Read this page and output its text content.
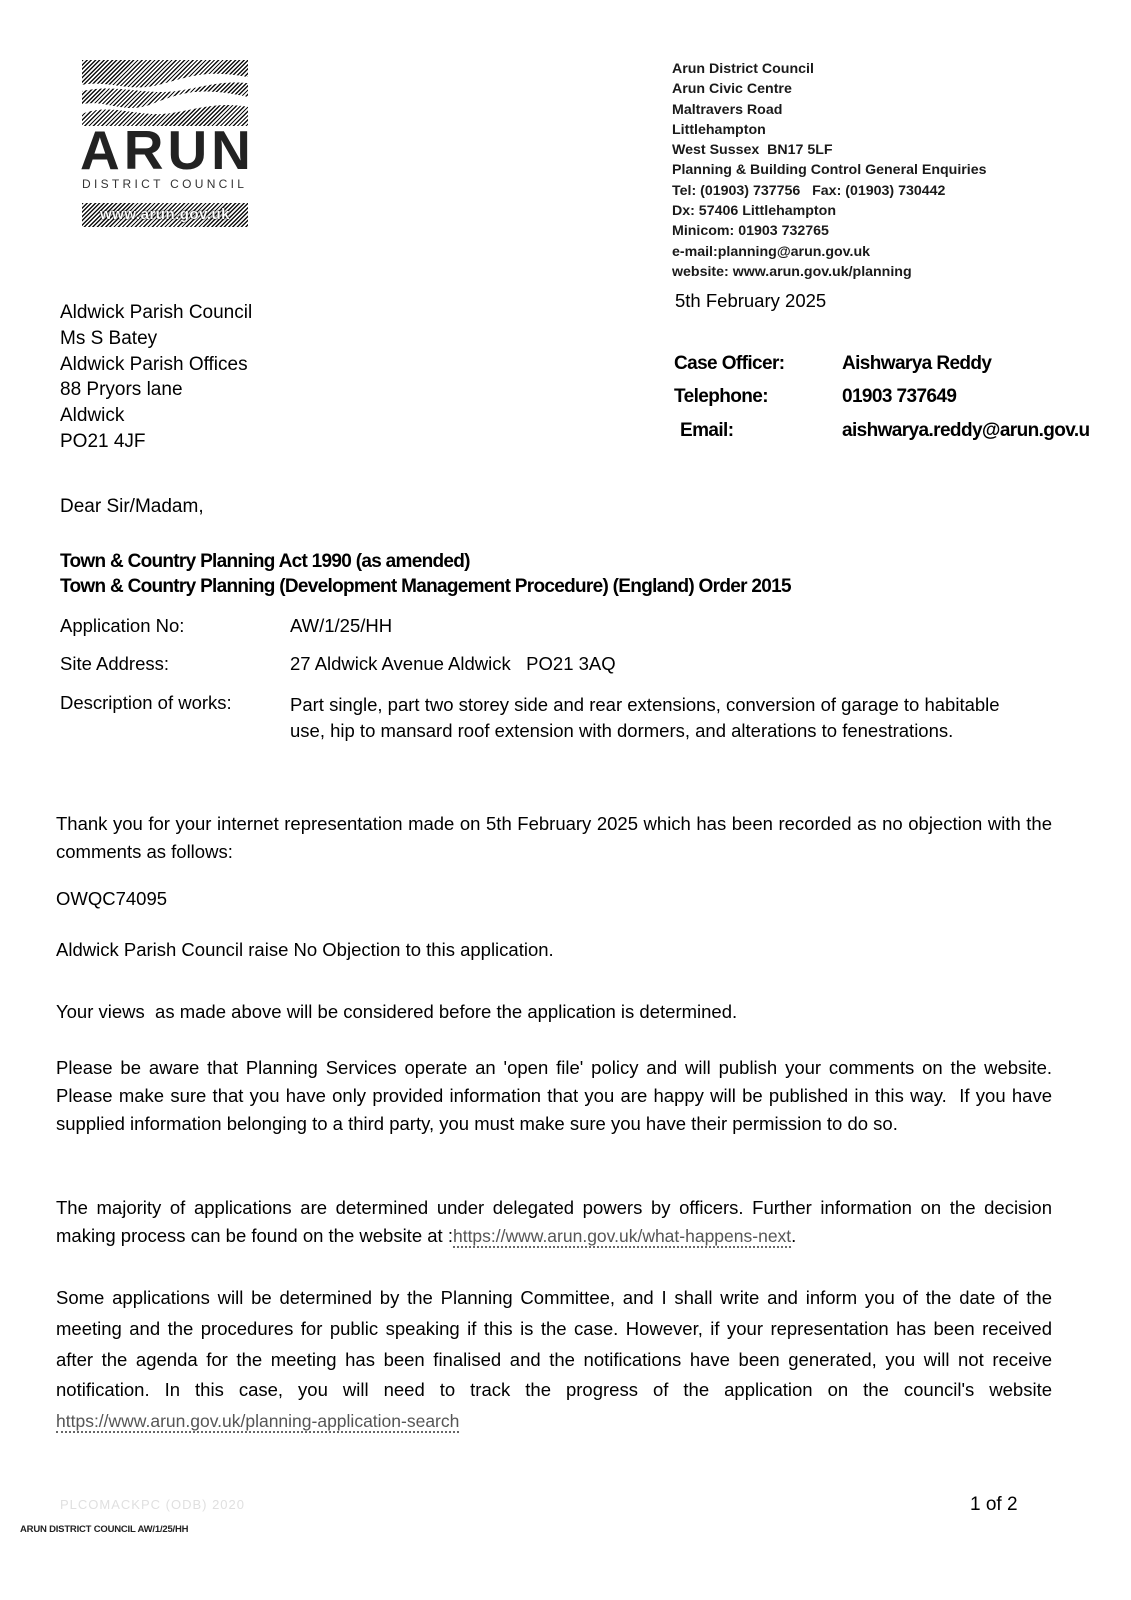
ARUN
DISTRICT COUNCIL
www.arun.gov.uk
Arun District Council
Arun Civic Centre
Maltravers Road
Littlehampton
West Sussex  BN17 5LF
Planning & Building Control General Enquiries
Tel: (01903) 737756   Fax: (01903) 730442
Dx: 57406 Littlehampton
Minicom: 01903 732765
e-mail:planning@arun.gov.uk
website: www.arun.gov.uk/planning
5th February 2025
Aldwick Parish Council
Ms S Batey
Aldwick Parish Offices
88 Pryors lane
Aldwick
PO21 4JF
Case Officer:	Aishwarya Reddy
Telephone:	01903 737649
Email:	aishwarya.reddy@arun.gov.u
Dear Sir/Madam,
Town & Country Planning Act 1990 (as amended)
Town & Country Planning (Development Management Procedure) (England) Order 2015
Application No:	AW/1/25/HH
Site Address:	27 Aldwick Avenue Aldwick   PO21 3AQ
Description of works:	Part single, part two storey side and rear extensions, conversion of garage to habitable use, hip to mansard roof extension with dormers, and alterations to fenestrations.
Thank you for your internet representation made on 5th February 2025 which has been recorded as no objection with the comments as follows:
OWQC74095
Aldwick Parish Council raise No Objection to this application.
Your views  as made above will be considered before the application is determined.
Please be aware that Planning Services operate an 'open file' policy and will publish your comments on the website.  Please make sure that you have only provided information that you are happy will be published in this way.  If you have  supplied information belonging to a third party, you must make sure you have their permission to do so.
The majority of applications are determined under delegated powers by officers. Further information on the decision making process can be found on the website at :https://www.arun.gov.uk/what-happens-next.
Some applications will be determined by the Planning Committee, and I shall write and inform you of the date of the meeting and the procedures for public speaking if this is the case. However, if your representation has been received after the agenda for the meeting has been finalised and the notifications have been generated, you will not receive notification. In this case, you will need to track the progress of the application on the council's website https://www.arun.gov.uk/planning-application-search
PLCOMACKPC (ODB) 2020
ARUN DISTRICT COUNCIL AW/1/25/HH
1 of 2
